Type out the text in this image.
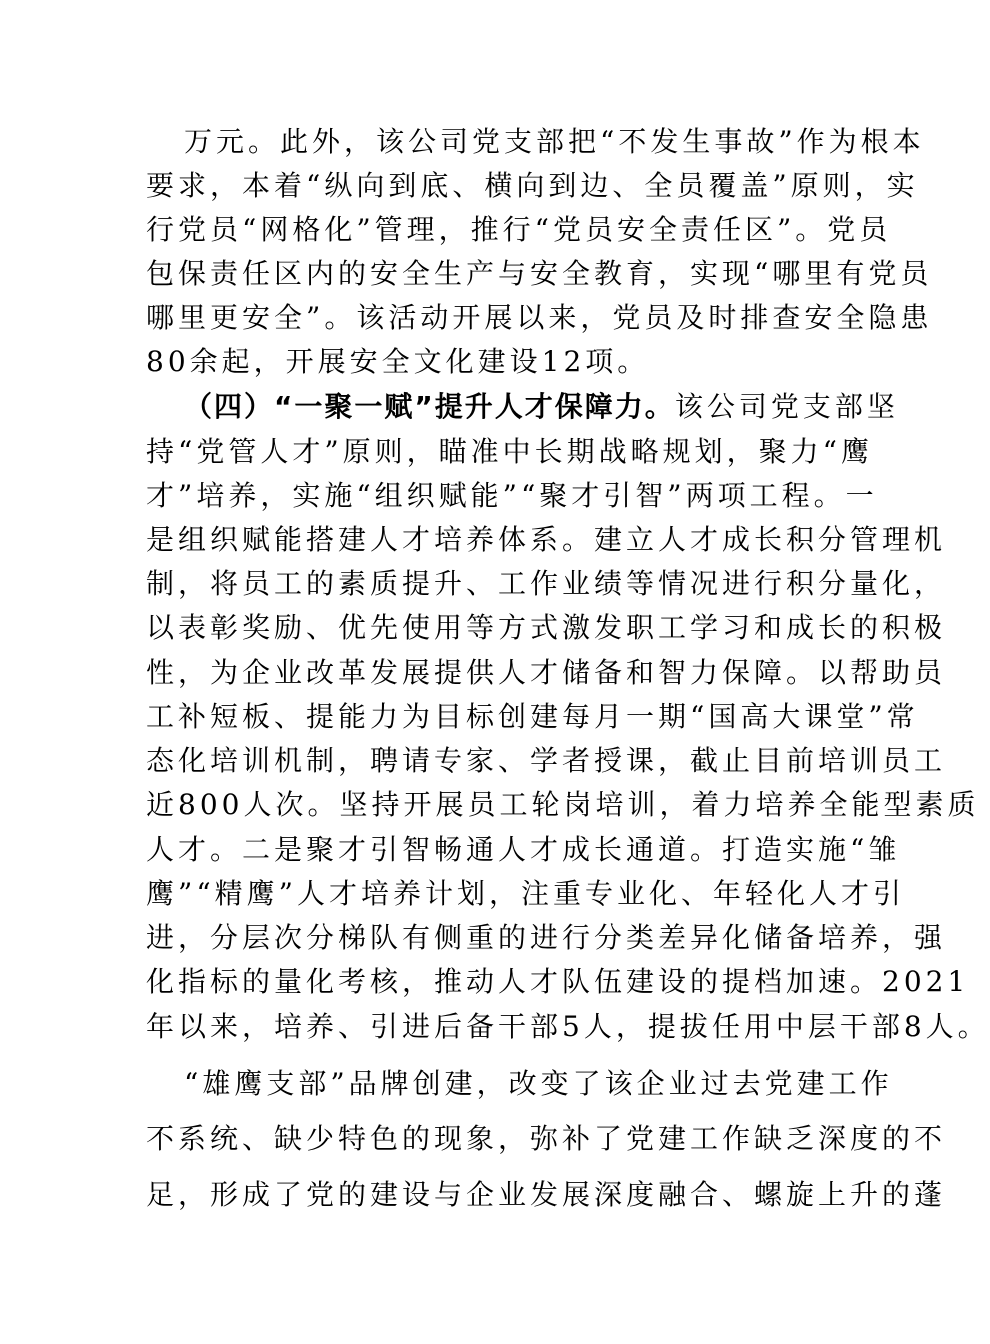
万元。此外，该公司党支部把“不发生事故”作为根本
要求，本着“纵向到底、横向到边、全员覆盖”原则，实
行党员“网格化”管理，推行“党员安全责任区”。党员
包保责任区内的安全生产与安全教育，实现“哪里有党员
哪里更安全”。该活动开展以来，党员及时排查安全隐患
80余起，开展安全文化建设12项。
（四）“一聚一赋”提升人才保障力。该公司党支部坚
持“党管人才”原则，瞄准中长期战略规划，聚力“鹰
才”培养，实施“组织赋能”“聚才引智”两项工程。一
是组织赋能搭建人才培养体系。建立人才成长积分管理机
制，将员工的素质提升、工作业绩等情况进行积分量化，
以表彰奖励、优先使用等方式激发职工学习和成长的积极
性，为企业改革发展提供人才储备和智力保障。以帮助员
工补短板、提能力为目标创建每月一期“国高大课堂”常
态化培训机制，聘请专家、学者授课，截止目前培训员工
近800人次。坚持开展员工轮岗培训，着力培养全能型素质
人才。二是聚才引智畅通人才成长通道。打造实施“雏
鹰”“精鹰”人才培养计划，注重专业化、年轻化人才引
进，分层次分梯队有侧重的进行分类差异化储备培养，强
化指标的量化考核，推动人才队伍建设的提档加速。2021
年以来，培养、引进后备干部5人，提拔任用中层干部8人。
“雄鹰支部”品牌创建，改变了该企业过去党建工作
不系统、缺少特色的现象，弥补了党建工作缺乏深度的不
足，形成了党的建设与企业发展深度融合、螺旋上升的蓬
